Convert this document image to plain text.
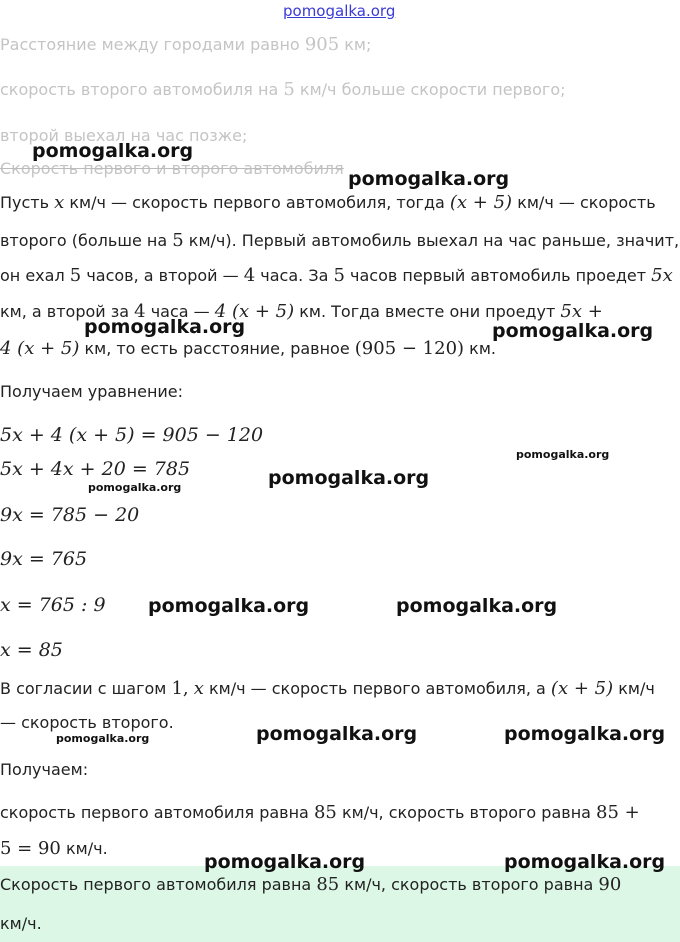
pomogalka.org
Расстояние между городами равно 905 км;
скорость второго автомобиля на 5 км/ч больше скорости первого;
второй выехал на час позже;
Скорость первого и второго автомобиля
Пусть x км/ч — скорость первого автомобиля, тогда (x + 5) км/ч — скорость
второго (больше на 5 км/ч). Первый автомобиль выехал на час раньше, значит,
он ехал 5 часов, а второй — 4 часа. За 5 часов первый автомобиль проедет 5x
км, а второй за 4 часа — 4 (x + 5) км. Тогда вместе они проедут 5x +
4 (x + 5) км, то есть расстояние, равное (905 − 120) км.
Получаем уравнение:
5x + 4 (x + 5) = 905 − 120
5x + 4x + 20 = 785
9x = 785 − 20
9x = 765
x = 765 : 9
x = 85
В согласии с шагом 1, x км/ч — скорость первого автомобиля, а (x + 5) км/ч
— скорость второго.
Получаем:
скорость первого автомобиля равна 85 км/ч, скорость второго равна 85 +
5 = 90 км/ч.
Скорость первого автомобиля равна 85 км/ч, скорость второго равна 90
км/ч.
pomogalka.org
pomogalka.org
pomogalka.org	pomogalka.org
pomogalka.org
pomogalka.org
pomogalka.org
pomogalka.org	pomogalka.org
pomogalka.org	pomogalka.org	pomogalka.org
pomogalka.org	pomogalka.org
